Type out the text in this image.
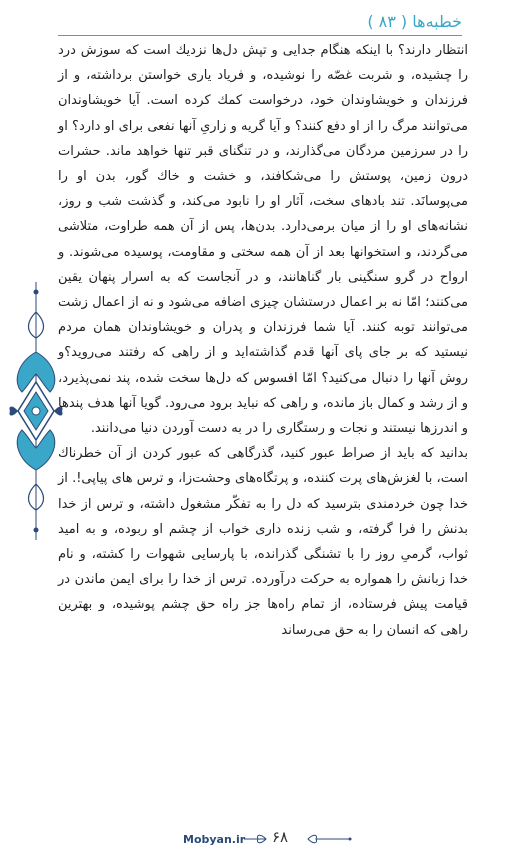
خطبه‌ها ( ۸۳ )

انتظار دارند؟ با اینکه هنگام جدایی و تپش دل‌ها نزدیك است که سوزش درد را چشیده، و شربت غصّه را نوشیده، و فریاد یاری خواستن برداشته، و از فرزندان و خویشاوندان خود، درخواست کمك کرده است. آیا خویشاوندان می‌توانند مرگ را از او دفع کنند؟ و آیا گریه و زاریِ آنها نفعی برای او دارد؟ او را در سرزمین مردگان می‌گذارند، و در تنگنای قبر تنها خواهد ماند. حشرات درون زمین، پوستش را می‌شکافند، و خشت و خاك گور، بدن او را می‌پوسانَد. تند بادهای سخت، آثار او را نابود می‌کند، و گذشت شب و روز، نشانه‌های او را از میان برمی‌دارد. بدن‌ها، پس از آن همه طراوت، متلاشی می‌گردند، و استخوانها بعد از آن همه سختی و مقاومت، پوسیده می‌شوند. و ارواح در گرو سنگینی بار گناهانند، و در آنجاست که به اسرار پنهان یقین می‌کنند؛ امّا نه بر اعمال درستشان چیزی اضافه می‌شود و نه از اعمال زشت می‌توانند توبه کنند. آیا شما فرزندان و پدران و خویشاوندان همان مردم نیستید که بر جای پای آنها قدم گذاشته‌اید و از راهی که رفتند می‌روید؟و روش آنها را دنبال می‌کنید؟ امّا افسوس که دل‌ها سخت شده، پند نمی‌پذیرد، و از رشد و کمال باز مانده، و راهی که نباید برود می‌رود. گویا آنها هدف پندها و اندرزها نیستند و نجات و رستگاری را در به دست آوردن دنیا می‌دانند.

بدانید که باید از صراط عبور کنید، گذرگاهی که عبور کردن از آن خطرناك است، با لغزش‌های پرت کننده، و پرتگاه‌های وحشت‌زا، و ترس های پیاپی!. از خدا چون خردمندی بترسید که دل را به تفکّر مشغول داشته، و ترس از خدا بدنش را فرا گرفته، و شب زنده داری خواب از چشم او ربوده، و به امید ثواب، گرمیِ روز را با تشنگی گذرانده، با پارسایی شهوات را کشته، و نام خدا زبانش را همواره به حرکت درآورده. ترس از خدا را برای ایمن ماندن در قیامت پیش فرستاده، از تمام راه‌ها جز راه حق چشم پوشیده، و بهترین راهی که انسان را به حق می‌رساند

Mobyan.ir ۶۸
